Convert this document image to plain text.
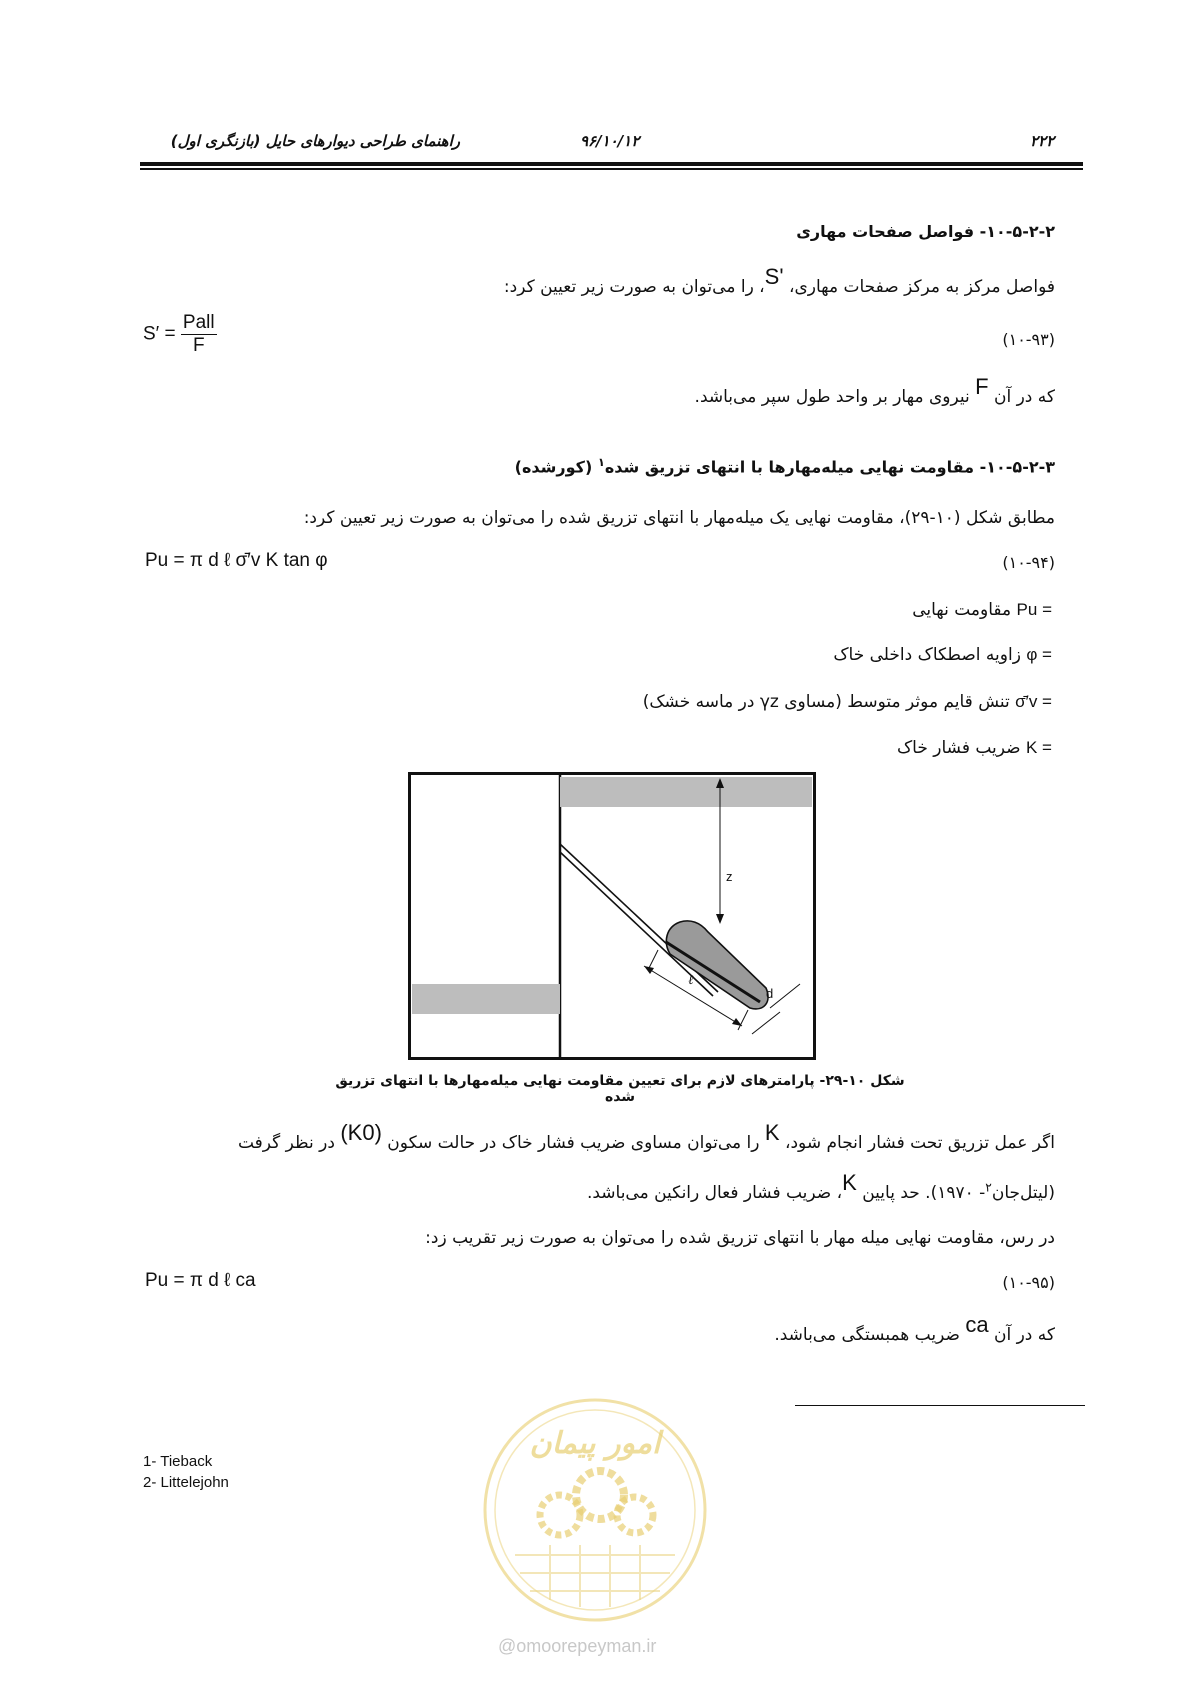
۲۲۲
۹۶/۱۰/۱۲
راهنمای طراحی دیوارهای حایل (بازنگری اول)
۱۰-۵-۲-۲- فواصل صفحات مهاری
فواصل مرکز به مرکز صفحات مهاری، S'، را می‌توان به صورت زیر تعیین کرد:
$S' = \frac{\text{Pall}}{F}$	(۱۰-۹۳)
که در آن F نیروی مهار بر واحد طول سپر می‌باشد.
۱۰-۵-۲-۳- مقاومت نهایی میله‌مهارها با انتهای تزریق شده$^۱$ (کورشده)
مطابق شکل (۱۰-۲۹)، مقاومت نهایی یک میله‌مهار با انتهای تزریق شده را می‌توان به صورت زیر تعیین کرد:
Pu = π d ℓ σ̄′v K tan φ	(۱۰-۹۴)
Pu = مقاومت نهایی
φ = زاویه اصطکاک داخلی خاک
σ̄′v = تنش قایم موثر متوسط (مساوی γz در ماسه خشک)
K = ضریب فشار خاک
z
ℓ
d
شکل ۱۰-۲۹- پارامترهای لازم برای تعیین مقاومت نهایی میله‌مهارها با انتهای تزریق شده
اگر عمل تزریق تحت فشار انجام شود، K را می‌توان مساوی ضریب فشار خاک در حالت سکون (K0) در نظر گرفت
(لیتل‌جان$^۲$- ۱۹۷۰). حد پایین K، ضریب فشار فعال رانکین می‌باشد.
در رس، مقاومت نهایی میله مهار با انتهای تزریق شده را می‌توان به صورت زیر تقریب زد:
Pu = π d ℓ ca	(۱۰-۹۵)
که در آن ca ضریب همبستگی می‌باشد.
1- Tieback
2- Littelejohn
امور پیمان
@omoorepeyman.ir
